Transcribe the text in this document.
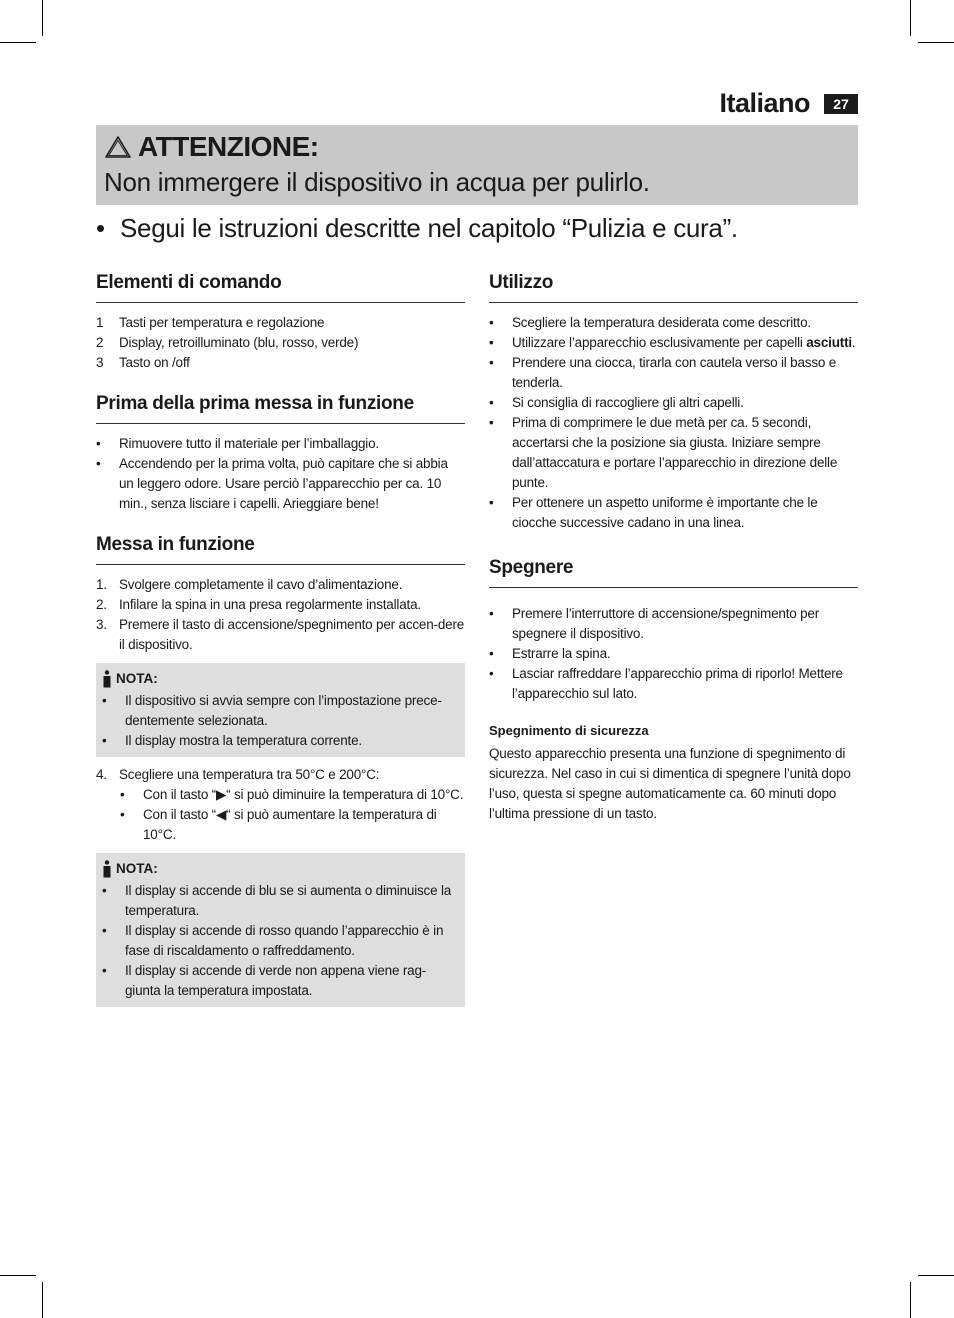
Italiano	27
ATTENZIONE:
Non immergere il dispositivo in acqua per pulirlo.
• Segui le istruzioni descritte nel capitolo “Pulizia e cura”.
Elementi di comando
1	Tasti per temperatura e regolazione
2	Display, retroilluminato (blu, rosso, verde)
3	Tasto on /off
Prima della prima messa in funzione
•	Rimuovere tutto il materiale per l’imballaggio.
•	Accendendo per la prima volta, può capitare che si abbia un leggero odore. Usare perciò l’apparecchio per ca. 10 min., senza lisciare i capelli. Arieggiare bene!
Messa in funzione
1. Svolgere completamente il cavo d’alimentazione.
2. Infilare la spina in una presa regolarmente installata.
3. Premere il tasto di accensione/spegnimento per accen-dere il dispositivo.
NOTA:
•	Il dispositivo si avvia sempre con l’impostazione prece-dentemente selezionata.
•	Il display mostra la temperatura corrente.
4. Scegliere una temperatura tra 50°C e 200°C:
•	Con il tasto “▶“ si può diminuire la temperatura di 10°C.
•	Con il tasto “◀“ si può aumentare la temperatura di 10°C.
NOTA:
•	Il display si accende di blu se si aumenta o diminuisce la temperatura.
•	Il display si accende di rosso quando l’apparecchio è in fase di riscaldamento o raffreddamento.
•	Il display si accende di verde non appena viene rag-giunta la temperatura impostata.
Utilizzo
•	Scegliere la temperatura desiderata come descritto.
•	Utilizzare l’apparecchio esclusivamente per capelli asciutti.
•	Prendere una ciocca, tirarla con cautela verso il basso e tenderla.
•	Si consiglia di raccogliere gli altri capelli.
•	Prima di comprimere le due metà per ca. 5 secondi, accertarsi che la posizione sia giusta. Iniziare sempre dall’attaccatura e portare l’apparecchio in direzione delle punte.
•	Per ottenere un aspetto uniforme è importante che le ciocche successive cadano in una linea.
Spegnere
•	Premere l’interruttore di accensione/spegnimento per spegnere il dispositivo.
•	Estrarre la spina.
•	Lasciar raffreddare l’apparecchio prima di riporlo! Mettere l’apparecchio sul lato.
Spegnimento di sicurezza

Questo apparecchio presenta una funzione di spegnimento di sicurezza. Nel caso in cui si dimentica di spegnere l’unità dopo l’uso, questa si spegne automaticamente ca. 60 minuti dopo l’ultima pressione di un tasto.
